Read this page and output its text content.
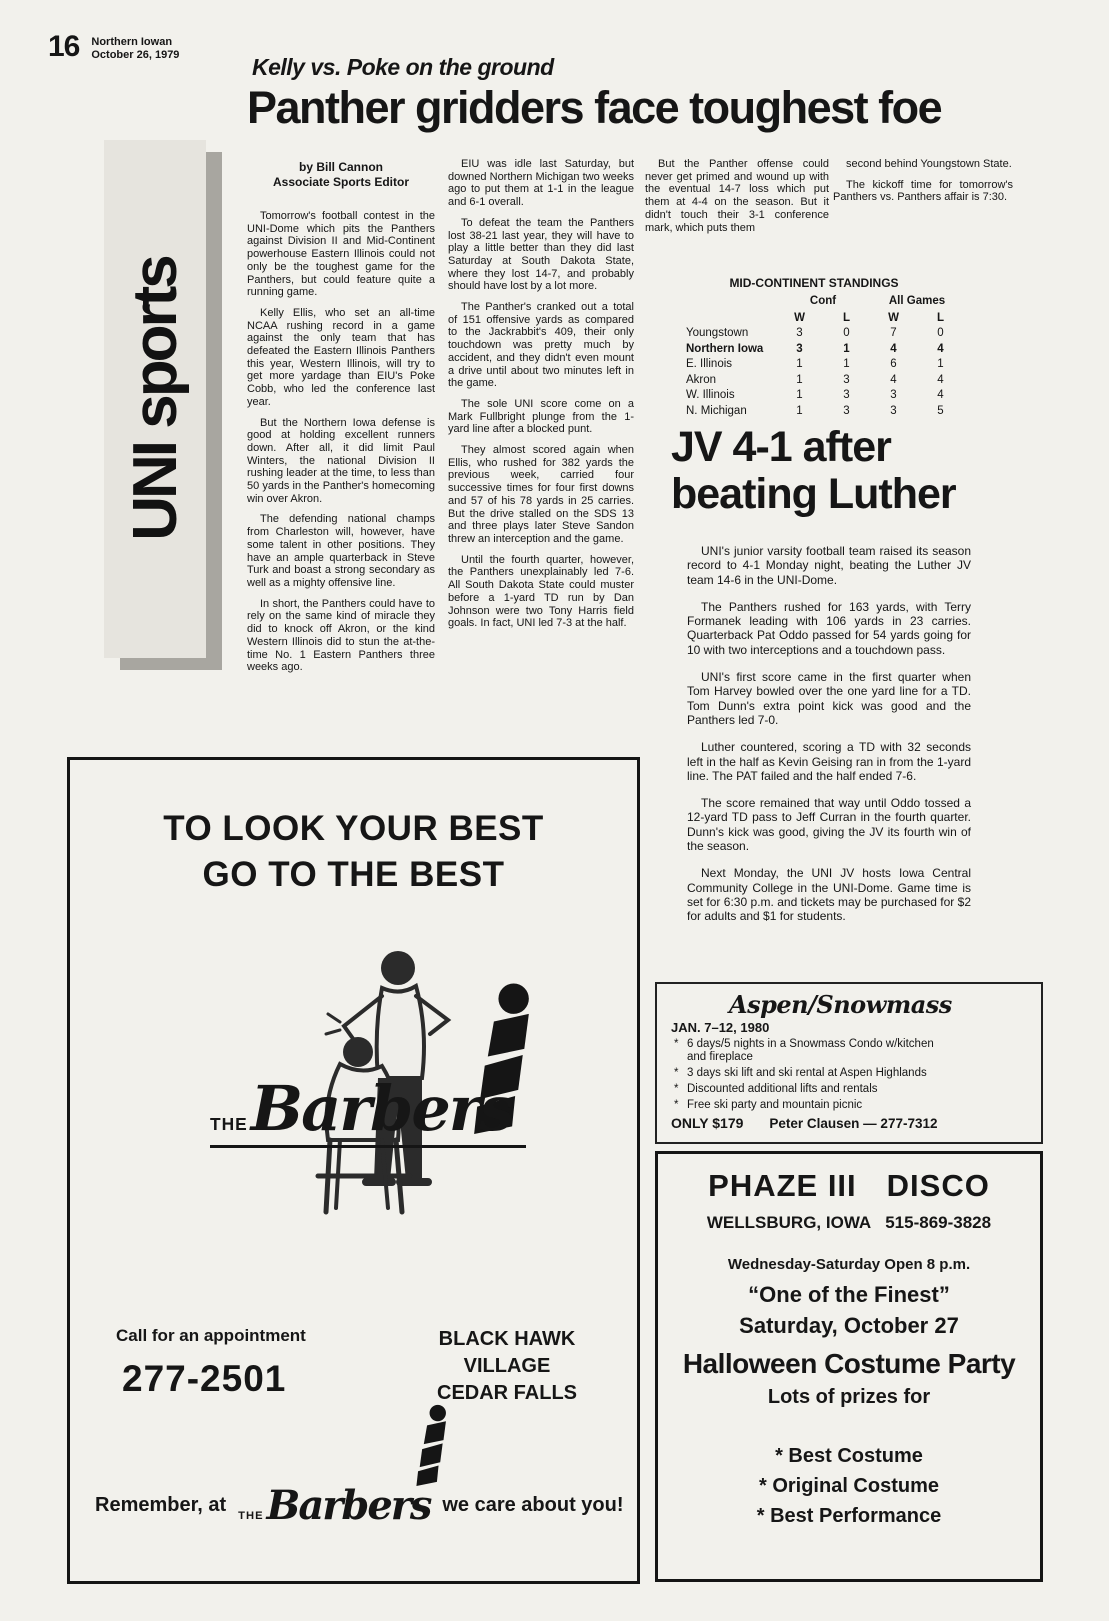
16 Northern Iowan
October 26, 1979	Kelly vs. Poke on the ground
Panther gridders face toughest foe
UNI sports
by Bill Cannon
Associate Sports Editor

Tomorrow's football contest in the UNI-Dome which pits the Panthers against Division II and Mid-Continent powerhouse Eastern Illinois could not only be the toughest game for the Panthers, but could feature quite a running game.

Kelly Ellis, who set an all-time NCAA rushing record in a game against the only team that has defeated the Eastern Illinois Panthers this year, Western Illinois, will try to get more yardage than EIU's Poke Cobb, who led the conference last year.

But the Northern Iowa defense is good at holding excellent runners down. After all, it did limit Paul Winters, the national Division II rushing leader at the time, to less than 50 yards in the Panther's homecoming win over Akron.

The defending national champs from Charleston will, however, have some talent in other positions. They have an ample quarterback in Steve Turk and boast a strong secondary as well as a mighty offensive line.

In short, the Panthers could have to rely on the same kind of miracle they did to knock off Akron, or the kind Western Illinois did to stun the at-the-time No. 1 Eastern Panthers three weeks ago.

EIU was idle last Saturday, but downed Northern Michigan two weeks ago to put them at 1-1 in the league and 6-1 overall.

To defeat the team the Panthers lost 38-21 last year, they will have to play a little better than they did last Saturday at South Dakota State, where they lost 14-7, and probably should have lost by a lot more.

The Panther's cranked out a total of 151 offensive yards as compared to the Jackrabbit's 409, their only touchdown was pretty much by accident, and they didn't even mount a drive until about two minutes left in the game.

The sole UNI score come on a Mark Fullbright plunge from the 1-yard line after a blocked punt.

They almost scored again when Ellis, who rushed for 382 yards the previous week, carried four successive times for four first downs and 57 of his 78 yards in 25 carries. But the drive stalled on the SDS 13 and three plays later Steve Sandon threw an interception and the game.

Until the fourth quarter, however, the Panthers unexplainably led 7-6. All South Dakota State could muster before a 1-yard TD run by Dan Johnson were two Tony Harris field goals. In fact, UNI led 7-3 at the half.

But the Panther offense could never get primed and wound up with the eventual 14-7 loss which put them at 4-4 on the season. But it didn't touch their 3-1 conference mark, which puts them

second behind Youngstown State.

The kickoff time for tomorrow's Panthers vs. Panthers affair is 7:30.

MID-CONTINENT STANDINGS
Conf	All Games
W	L	W	L
Youngstown	3	0	7	0
Northern Iowa	3	1	4	4
E. Illinois	1	1	6	1
Akron	1	3	4	4
W. Illinois	1	3	3	4
N. Michigan	1	3	3	5
JV 4-1 after
beating Luther

UNI's junior varsity football team raised its season record to 4-1 Monday night, beating the Luther JV team 14-6 in the UNI-Dome.

The Panthers rushed for 163 yards, with Terry Formanek leading with 106 yards in 23 carries. Quarterback Pat Oddo passed for 54 yards going for 10 with two interceptions and a touchdown pass.

UNI's first score came in the first quarter when Tom Harvey bowled over the one yard line for a TD. Tom Dunn's extra point kick was good and the Panthers led 7-0.

Luther countered, scoring a TD with 32 seconds left in the half as Kevin Geising ran in from the 1-yard line. The PAT failed and the half ended 7-6.

The score remained that way until Oddo tossed a 12-yard TD pass to Jeff Curran in the fourth quarter. Dunn's kick was good, giving the JV its fourth win of the season.

Next Monday, the UNI JV hosts Iowa Central Community College in the UNI-Dome. Game time is set for 6:30 p.m. and tickets may be purchased for $2 for adults and $1 for students.

TO LOOK YOUR BEST
GO TO THE BEST
THEBarbers
Call for an appointment
277-2501
BLACK HAWK VILLAGE
CEDAR FALLS
Remember, at THEBarbers we care about you!
Aspen/Snowmass
JAN. 7–12, 1980
* 6 days/5 nights in a Snowmass Condo w/kitchen and fireplace
* 3 days ski lift and ski rental at Aspen Highlands
* Discounted additional lifts and rentals
* Free ski party and mountain picnic
ONLY $179 Peter Clausen — 277-7312
PHAZE III DISCO
WELLSBURG, IOWA 515-869-3828
Wednesday-Saturday Open 8 p.m.
“One of the Finest”
Saturday, October 27
Halloween Costume Party
Lots of prizes for
* Best Costume
* Original Costume
* Best Performance
